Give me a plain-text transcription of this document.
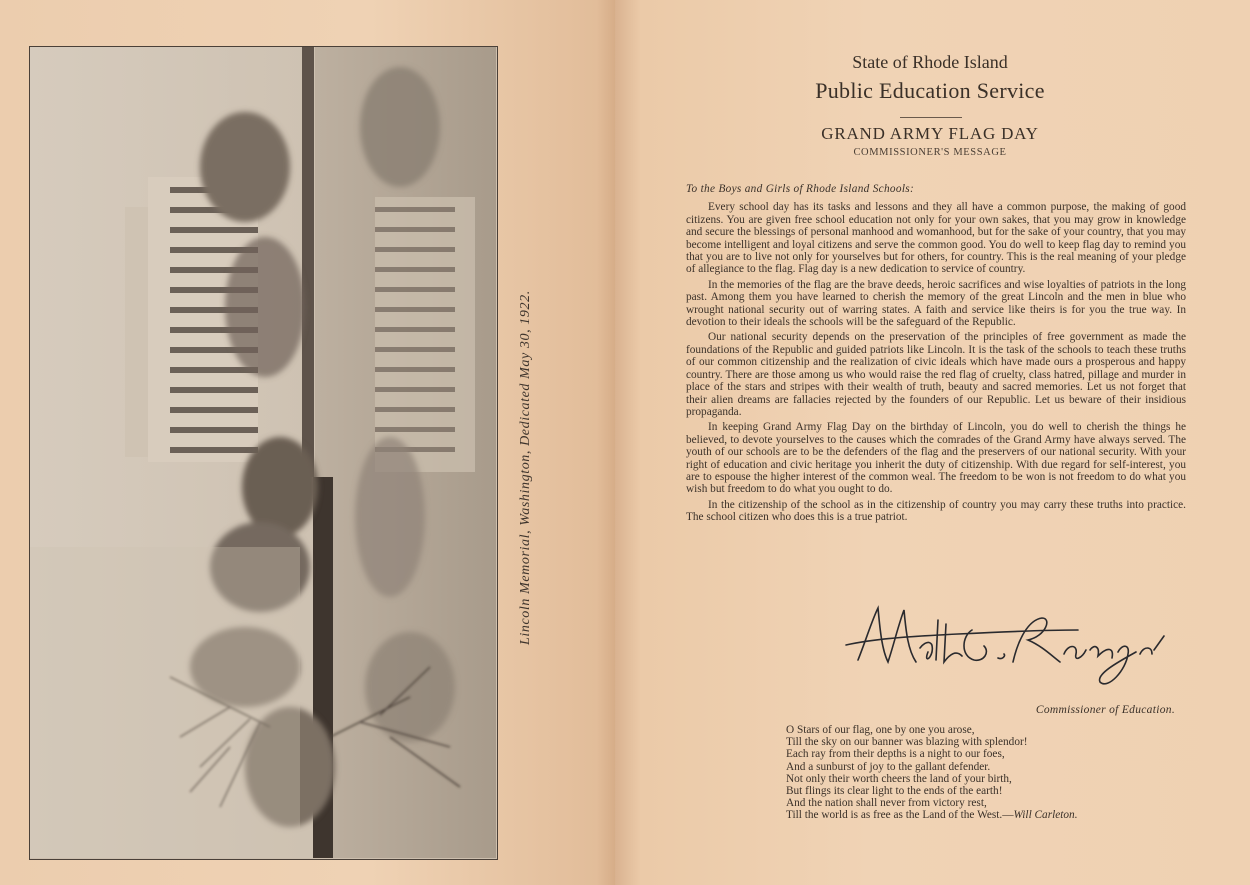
Lincoln Memorial, Washington, Dedicated May 30, 1922.
State of Rhode Island
Public Education Service
GRAND ARMY FLAG DAY
COMMISSIONER'S MESSAGE

To the Boys and Girls of Rhode Island Schools:

Every school day has its tasks and lessons and they all have a common purpose, the making of good citizens. You are given free school education not only for your own sakes, that you may grow in knowledge and secure the blessings of personal manhood and womanhood, but for the sake of your country, that you may become intelligent and loyal citizens and serve the common good. You do well to keep flag day to remind you that you are to live not only for yourselves but for others, for country. This is the real meaning of your pledge of allegiance to the flag. Flag day is a new dedication to service of country.

In the memories of the flag are the brave deeds, heroic sacrifices and wise loyalties of patriots in the long past. Among them you have learned to cherish the memory of the great Lincoln and the men in blue who wrought national security out of warring states. A faith and service like theirs is for you the true way. In devotion to their ideals the schools will be the safeguard of the Republic.

Our national security depends on the preservation of the principles of free government as made the foundations of the Republic and guided patriots like Lincoln. It is the task of the schools to teach these truths of our common citizenship and the realization of civic ideals which have made ours a prosperous and happy country. There are those among us who would raise the red flag of cruelty, class hatred, pillage and murder in place of the stars and stripes with their wealth of truth, beauty and sacred memories. Let us not forget that their alien dreams are fallacies rejected by the founders of our Republic. Let us beware of their insidious propaganda.

In keeping Grand Army Flag Day on the birthday of Lincoln, you do well to cherish the things he believed, to devote yourselves to the causes which the comrades of the Grand Army have always served. The youth of our schools are to be the defenders of the flag and the preservers of our national security. With your right of education and civic heritage you inherit the duty of citizenship. With due regard for self-interest, you are to espouse the higher interest of the common weal. The freedom to be won is not freedom to do what you wish but freedom to do what you ought to do.

In the citizenship of the school as in the citizenship of country you may carry these truths into practice. The school citizen who does this is a true patriot.

Commissioner of Education.
O Stars of our flag, one by one you arose,
Till the sky on our banner was blazing with splendor!
Each ray from their depths is a night to our foes,
And a sunburst of joy to the gallant defender.
Not only their worth cheers the land of your birth,
But flings its clear light to the ends of the earth!
And the nation shall never from victory rest,
Till the world is as free as the Land of the West.—Will Carleton.
